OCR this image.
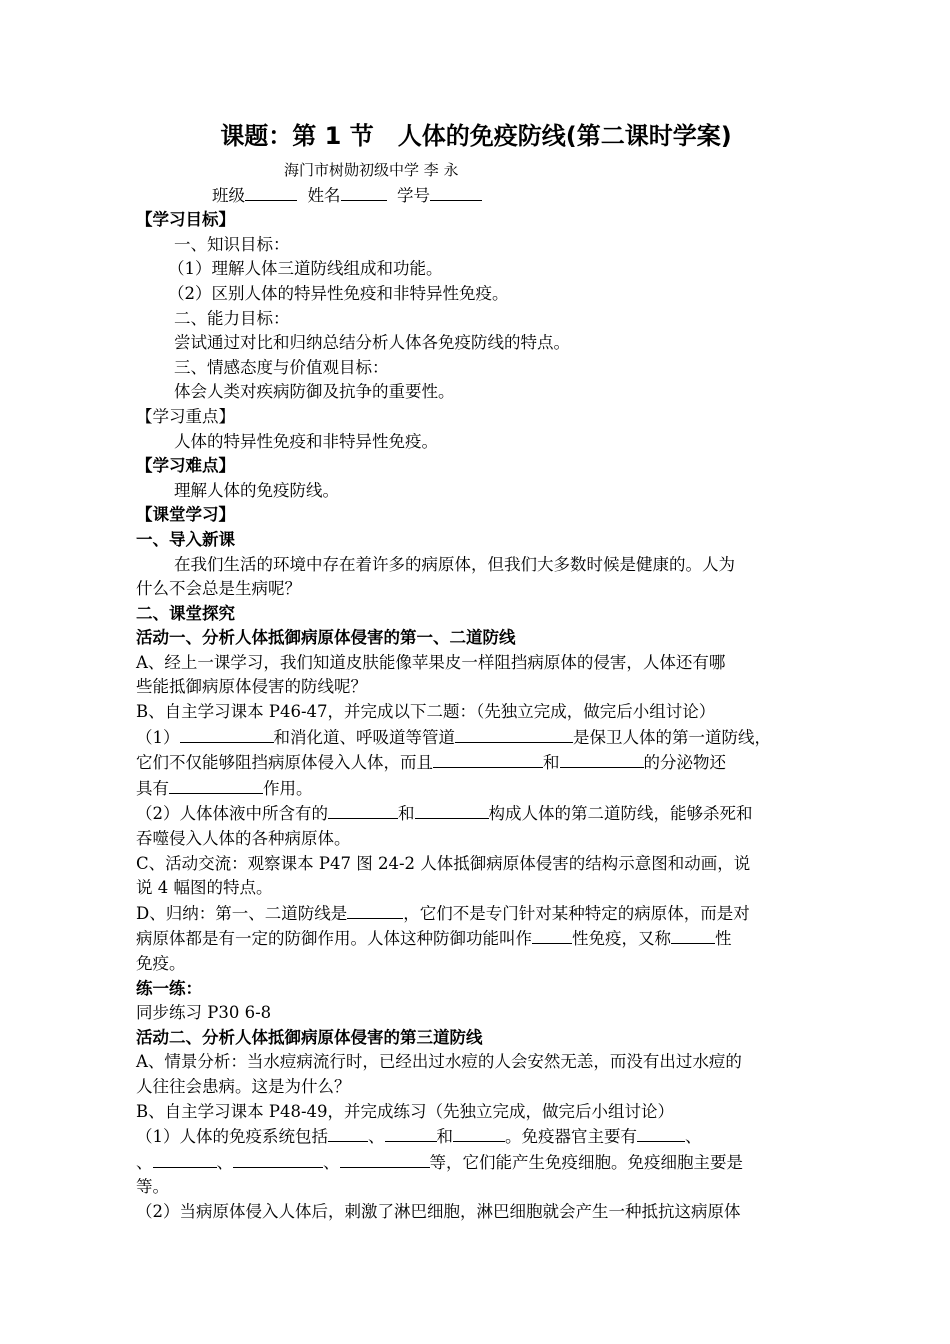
课题：第 1 节　人体的免疫防线(第二课时学案)
海门市树勋初级中学 李 永
班级	姓名	学号
【学习目标】
一、知识目标：
（1）理解人体三道防线组成和功能。
（2）区别人体的特异性免疫和非特异性免疫。
二、能力目标：
尝试通过对比和归纳总结分析人体各免疫防线的特点。
三、情感态度与价值观目标：
体会人类对疾病防御及抗争的重要性。
【学习重点】
人体的特异性免疫和非特异性免疫。
【学习难点】
理解人体的免疫防线。
【课堂学习】
一、导入新课
在我们生活的环境中存在着许多的病原体，但我们大多数时候是健康的。人为
什么不会总是生病呢？
二、课堂探究
活动一、分析人体抵御病原体侵害的第一、二道防线
A、经上一课学习，我们知道皮肤能像苹果皮一样阻挡病原体的侵害，人体还有哪
些能抵御病原体侵害的防线呢？
B、自主学习课本 P46-47，并完成以下二题：（先独立完成，做完后小组讨论）
（1）	和消化道、呼吸道等管道	是保卫人体的第一道防线，
它们不仅能够阻挡病原体侵入人体，而且	和	的分泌物还
具有	作用。
（2）人体体液中所含有的	和	构成人体的第二道防线，能够杀死和
吞噬侵入人体的各种病原体。
C、活动交流：观察课本 P47 图 24-2 人体抵御病原体侵害的结构示意图和动画，说
说 4 幅图的特点。
D、归纳：第一、二道防线是	，它们不是专门针对某种特定的病原体，而是对
病原体都是有一定的防御作用。人体这种防御功能叫作 性免疫，又称	性
免疫。
练一练：
同步练习 P30 6-8
活动二、分析人体抵御病原体侵害的第三道防线
A、情景分析：当水痘病流行时，已经出过水痘的人会安然无恙，而没有出过水痘的
人往往会患病。这是为什么？
B、自主学习课本 P48-49，并完成练习（先独立完成，做完后小组讨论）
（1）人体的免疫系统包括 、	和	。免疫器官主要有	、
、	、	、	等，它们能产生免疫细胞。免疫细胞主要是
等。
（2）当病原体侵入人体后，刺激了淋巴细胞，淋巴细胞就会产生一种抵抗这病原体
